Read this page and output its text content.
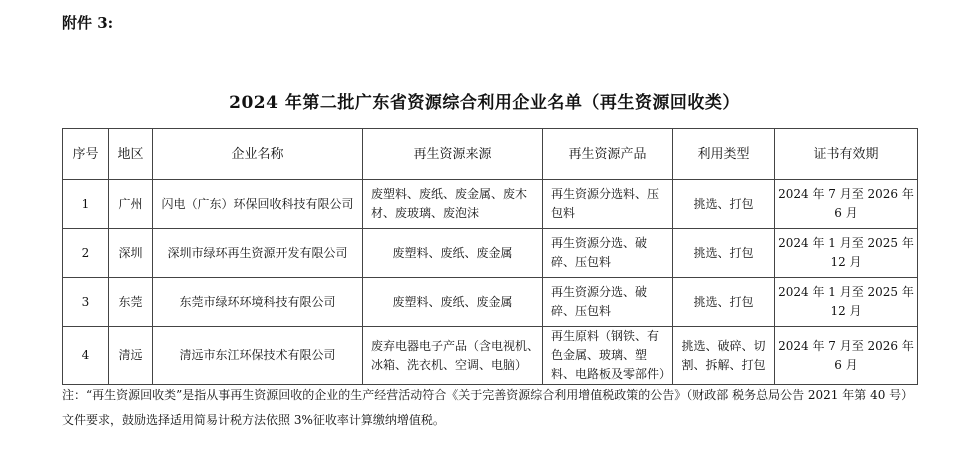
附件 3:
2024 年第二批广东省资源综合利用企业名单（再生资源回收类）
序号	地区	企业名称	再生资源来源	再生资源产品	利用类型	证书有效期
1	广州	闪电（广东）环保回收科技有限公司	废塑料、废纸、废金属、废木材、废玻璃、废泡沫	再生资源分选料、压包料	挑选、打包	2024 年 7 月至 2026 年 6 月
2	深圳	深圳市绿环再生资源开发有限公司	废塑料、废纸、废金属	再生资源分选、破碎、压包料	挑选、打包	2024 年 1 月至 2025 年 12 月
3	东莞	东莞市绿环环境科技有限公司	废塑料、废纸、废金属	再生资源分选、破碎、压包料	挑选、打包	2024 年 1 月至 2025 年 12 月
4	清远	清远市东江环保技术有限公司	废弃电器电子产品（含电视机、冰箱、洗衣机、空调、电脑）	再生原料（钢铁、有色金属、玻璃、塑料、电路板及零部件）	挑选、破碎、切割、拆解、打包	2024 年 7 月至 2026 年 6 月
注：“再生资源回收类”是指从事再生资源回收的企业的生产经营活动符合《关于完善资源综合利用增值税政策的公告》（财政部 税务总局公告 2021 年第 40 号）文件要求，鼓励选择适用简易计税方法依照 3%征收率计算缴纳增值税。
